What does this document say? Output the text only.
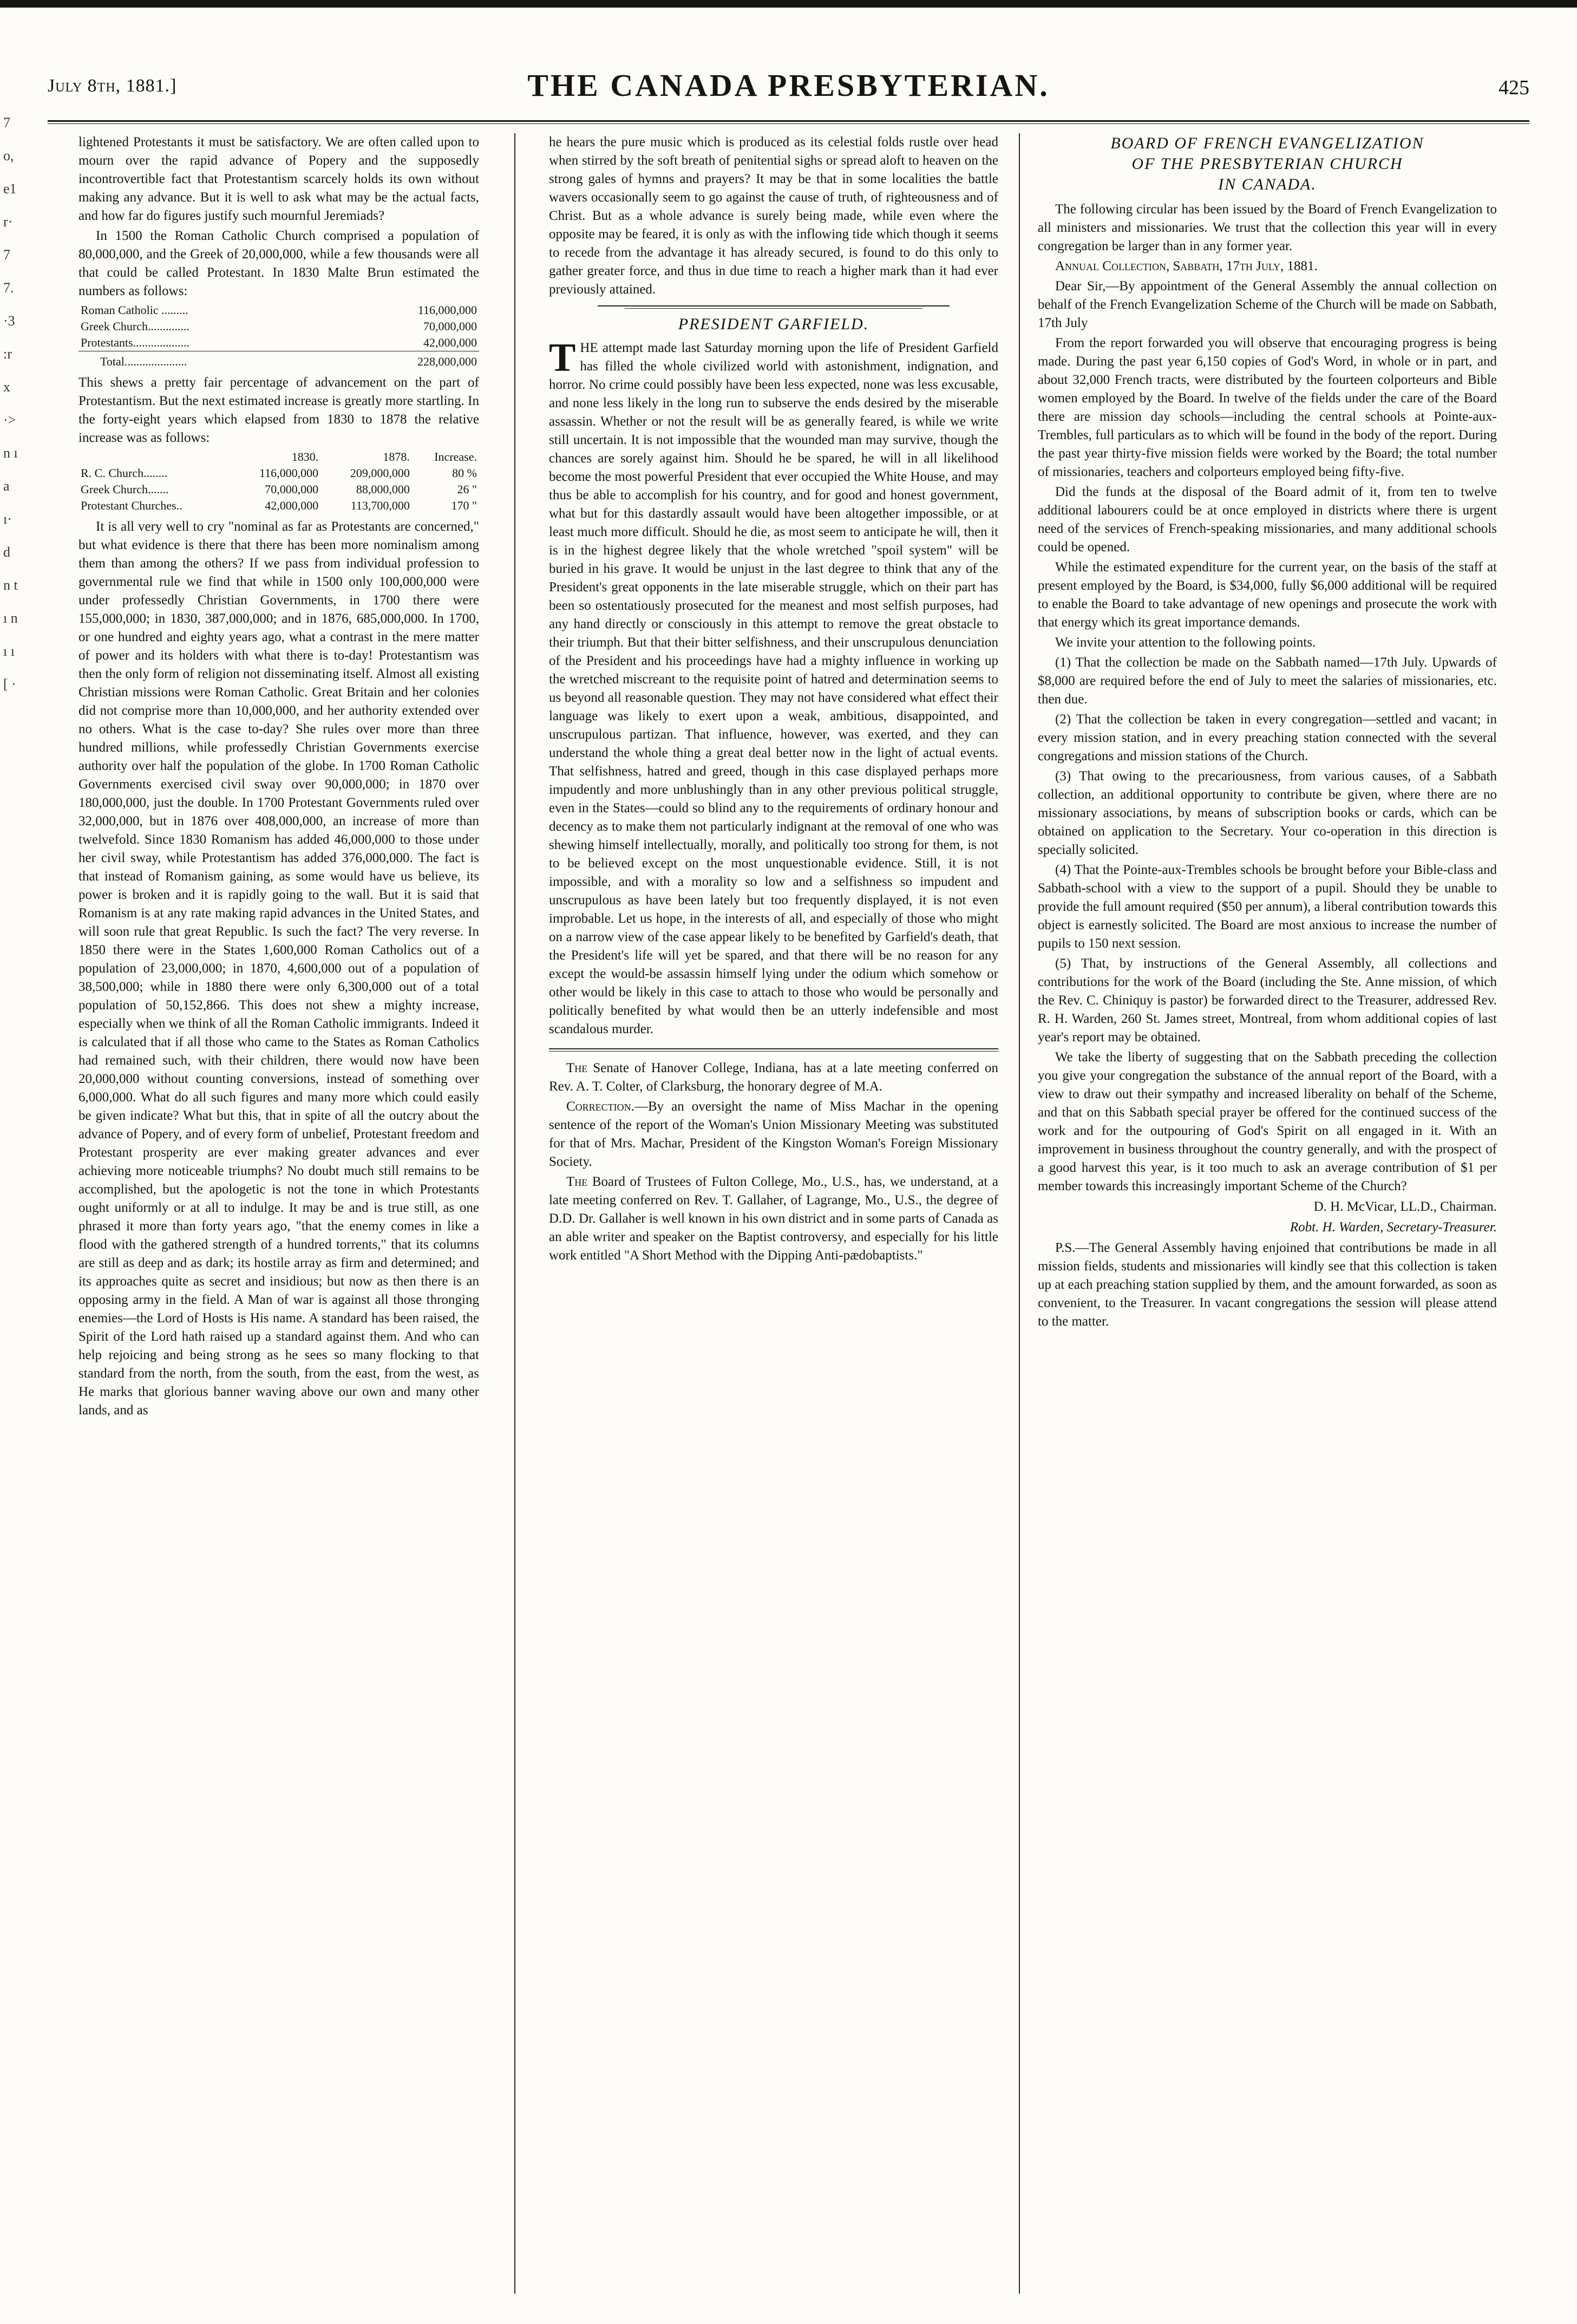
July 8th, 1881.]	THE CANADA PRESBYTERIAN.	425
7 o, e1 r· 7 7. ·3 :r x ·> n ı a ı· d n t ı n ı ı [ ·

lightened Protestants it must be satisfactory. We are often called upon to mourn over the rapid advance of Popery and the supposedly incontrovertible fact that Protestantism scarcely holds its own without making any advance. But it is well to ask what may be the actual facts, and how far do figures justify such mournful Jeremiads?

In 1500 the Roman Catholic Church comprised a population of 80,000,000, and the Greek of 20,000,000, while a few thousands were all that could be called Protestant. In 1830 Malte Brun estimated the numbers as follows:

Roman Catholic .........	116,000,000
Greek Church..............	70,000,000
Protestants...................	42,000,000
Total.....................	228,000,000

This shews a pretty fair percentage of advancement on the part of Protestantism. But the next estimated increase is greatly more startling. In the forty-eight years which elapsed from 1830 to 1878 the relative increase was as follows:

	1830.	1878.	Increase.
R. C. Church........	116,000,000	209,000,000	80 %
Greek Church.......	70,000,000	88,000,000	26 "
Protestant Churches..	42,000,000	113,700,000	170 "

It is all very well to cry "nominal as far as Protestants are concerned," but what evidence is there that there has been more nominalism among them than among the others? If we pass from individual profession to governmental rule we find that while in 1500 only 100,000,000 were under professedly Christian Governments, in 1700 there were 155,000,000; in 1830, 387,000,000; and in 1876, 685,000,000. In 1700, or one hundred and eighty years ago, what a contrast in the mere matter of power and its holders with what there is to-day! Protestantism was then the only form of religion not disseminating itself. Almost all existing Christian missions were Roman Catholic. Great Britain and her colonies did not comprise more than 10,000,000, and her authority extended over no others. What is the case to-day? She rules over more than three hundred millions, while professedly Christian Governments exercise authority over half the population of the globe. In 1700 Roman Catholic Governments exercised civil sway over 90,000,000; in 1870 over 180,000,000, just the double. In 1700 Protestant Governments ruled over 32,000,000, but in 1876 over 408,000,000, an increase of more than twelvefold. Since 1830 Romanism has added 46,000,000 to those under her civil sway, while Protestantism has added 376,000,000. The fact is that instead of Romanism gaining, as some would have us believe, its power is broken and it is rapidly going to the wall. But it is said that Romanism is at any rate making rapid advances in the United States, and will soon rule that great Republic. Is such the fact? The very reverse. In 1850 there were in the States 1,600,000 Roman Catholics out of a population of 23,000,000; in 1870, 4,600,000 out of a population of 38,500,000; while in 1880 there were only 6,300,000 out of a total population of 50,152,866. This does not shew a mighty increase, especially when we think of all the Roman Catholic immigrants. Indeed it is calculated that if all those who came to the States as Roman Catholics had remained such, with their children, there would now have been 20,000,000 without counting conversions, instead of something over 6,000,000. What do all such figures and many more which could easily be given indicate? What but this, that in spite of all the outcry about the advance of Popery, and of every form of unbelief, Protestant freedom and Protestant prosperity are ever making greater advances and ever achieving more noticeable triumphs? No doubt much still remains to be accomplished, but the apologetic is not the tone in which Protestants ought uniformly or at all to indulge. It may be and is true still, as one phrased it more than forty years ago, "that the enemy comes in like a flood with the gathered strength of a hundred torrents," that its columns are still as deep and as dark; its hostile array as firm and determined; and its approaches quite as secret and insidious; but now as then there is an opposing army in the field. A Man of war is against all those thronging enemies—the Lord of Hosts is His name. A standard has been raised, the Spirit of the Lord hath raised up a standard against them. And who can help rejoicing and being strong as he sees so many flocking to that standard from the north, from the south, from the east, from the west, as He marks that glorious banner waving above our own and many other lands, and as

he hears the pure music which is produced as its celestial folds rustle over head when stirred by the soft breath of penitential sighs or spread aloft to heaven on the strong gales of hymns and prayers? It may be that in some localities the battle wavers occasionally seem to go against the cause of truth, of righteousness and of Christ. But as a whole advance is surely being made, while even where the opposite may be feared, it is only as with the inflowing tide which though it seems to recede from the advantage it has already secured, is found to do this only to gather greater force, and thus in due time to reach a higher mark than it had ever previously attained.

PRESIDENT GARFIELD.

THE attempt made last Saturday morning upon the life of President Garfield has filled the whole civilized world with astonishment, indignation, and horror. No crime could possibly have been less expected, none was less excusable, and none less likely in the long run to subserve the ends desired by the miserable assassin. Whether or not the result will be as generally feared, is while we write still uncertain. It is not impossible that the wounded man may survive, though the chances are sorely against him. Should he be spared, he will in all likelihood become the most powerful President that ever occupied the White House, and may thus be able to accomplish for his country, and for good and honest government, what but for this dastardly assault would have been altogether impossible, or at least much more difficult. Should he die, as most seem to anticipate he will, then it is in the highest degree likely that the whole wretched "spoil system" will be buried in his grave. It would be unjust in the last degree to think that any of the President's great opponents in the late miserable struggle, which on their part has been so ostentatiously prosecuted for the meanest and most selfish purposes, had any hand directly or consciously in this attempt to remove the great obstacle to their triumph. But that their bitter selfishness, and their unscrupulous denunciation of the President and his proceedings have had a mighty influence in working up the wretched miscreant to the requisite point of hatred and determination seems to us beyond all reasonable question. They may not have considered what effect their language was likely to exert upon a weak, ambitious, disappointed, and unscrupulous partizan. That influence, however, was exerted, and they can understand the whole thing a great deal better now in the light of actual events. That selfishness, hatred and greed, though in this case displayed perhaps more impudently and more unblushingly than in any other previous political struggle, even in the States—could so blind any to the requirements of ordinary honour and decency as to make them not particularly indignant at the removal of one who was shewing himself intellectually, morally, and politically too strong for them, is not to be believed except on the most unquestionable evidence. Still, it is not impossible, and with a morality so low and a selfishness so impudent and unscrupulous as have been lately but too frequently displayed, it is not even improbable. Let us hope, in the interests of all, and especially of those who might on a narrow view of the case appear likely to be benefited by Garfield's death, that the President's life will yet be spared, and that there will be no reason for any except the would-be assassin himself lying under the odium which somehow or other would be likely in this case to attach to those who would be personally and politically benefited by what would then be an utterly indefensible and most scandalous murder.

The Senate of Hanover College, Indiana, has at a late meeting conferred on Rev. A. T. Colter, of Clarksburg, the honorary degree of M.A.

Correction.—By an oversight the name of Miss Machar in the opening sentence of the report of the Woman's Union Missionary Meeting was substituted for that of Mrs. Machar, President of the Kingston Woman's Foreign Missionary Society.

The Board of Trustees of Fulton College, Mo., U.S., has, we understand, at a late meeting conferred on Rev. T. Gallaher, of Lagrange, Mo., U.S., the degree of D.D. Dr. Gallaher is well known in his own district and in some parts of Canada as an able writer and speaker on the Baptist controversy, and especially for his little work entitled "A Short Method with the Dipping Anti-pædobaptists."

BOARD OF FRENCH EVANGELIZATION
OF THE PRESBYTERIAN CHURCH
IN CANADA.

The following circular has been issued by the Board of French Evangelization to all ministers and missionaries. We trust that the collection this year will in every congregation be larger than in any former year.

Annual Collection, Sabbath, 17th July, 1881.

Dear Sir,—By appointment of the General Assembly the annual collection on behalf of the French Evangelization Scheme of the Church will be made on Sabbath, 17th July

From the report forwarded you will observe that encouraging progress is being made. During the past year 6,150 copies of God's Word, in whole or in part, and about 32,000 French tracts, were distributed by the fourteen colporteurs and Bible women employed by the Board. In twelve of the fields under the care of the Board there are mission day schools—including the central schools at Pointe-aux-Trembles, full particulars as to which will be found in the body of the report. During the past year thirty-five mission fields were worked by the Board; the total number of missionaries, teachers and colporteurs employed being fifty-five.

Did the funds at the disposal of the Board admit of it, from ten to twelve additional labourers could be at once employed in districts where there is urgent need of the services of French-speaking missionaries, and many additional schools could be opened.

While the estimated expenditure for the current year, on the basis of the staff at present employed by the Board, is $34,000, fully $6,000 additional will be required to enable the Board to take advantage of new openings and prosecute the work with that energy which its great importance demands.

We invite your attention to the following points.

(1) That the collection be made on the Sabbath named—17th July. Upwards of $8,000 are required before the end of July to meet the salaries of missionaries, etc. then due.

(2) That the collection be taken in every congregation—settled and vacant; in every mission station, and in every preaching station connected with the several congregations and mission stations of the Church.

(3) That owing to the precariousness, from various causes, of a Sabbath collection, an additional opportunity to contribute be given, where there are no missionary associations, by means of subscription books or cards, which can be obtained on application to the Secretary. Your co-operation in this direction is specially solicited.

(4) That the Pointe-aux-Trembles schools be brought before your Bible-class and Sabbath-school with a view to the support of a pupil. Should they be unable to provide the full amount required ($50 per annum), a liberal contribution towards this object is earnestly solicited. The Board are most anxious to increase the number of pupils to 150 next session.

(5) That, by instructions of the General Assembly, all collections and contributions for the work of the Board (including the Ste. Anne mission, of which the Rev. C. Chiniquy is pastor) be forwarded direct to the Treasurer, addressed Rev. R. H. Warden, 260 St. James street, Montreal, from whom additional copies of last year's report may be obtained.

We take the liberty of suggesting that on the Sabbath preceding the collection you give your congregation the substance of the annual report of the Board, with a view to draw out their sympathy and increased liberality on behalf of the Scheme, and that on this Sabbath special prayer be offered for the continued success of the work and for the outpouring of God's Spirit on all engaged in it. With an improvement in business throughout the country generally, and with the prospect of a good harvest this year, is it too much to ask an average contribution of $1 per member towards this increasingly important Scheme of the Church?

D. H. McVicar, LL.D., Chairman.
Robt. H. Warden, Secretary-Treasurer.

P.S.—The General Assembly having enjoined that contributions be made in all mission fields, students and missionaries will kindly see that this collection is taken up at each preaching station supplied by them, and the amount forwarded, as soon as convenient, to the Treasurer. In vacant congregations the session will please attend to the matter.
